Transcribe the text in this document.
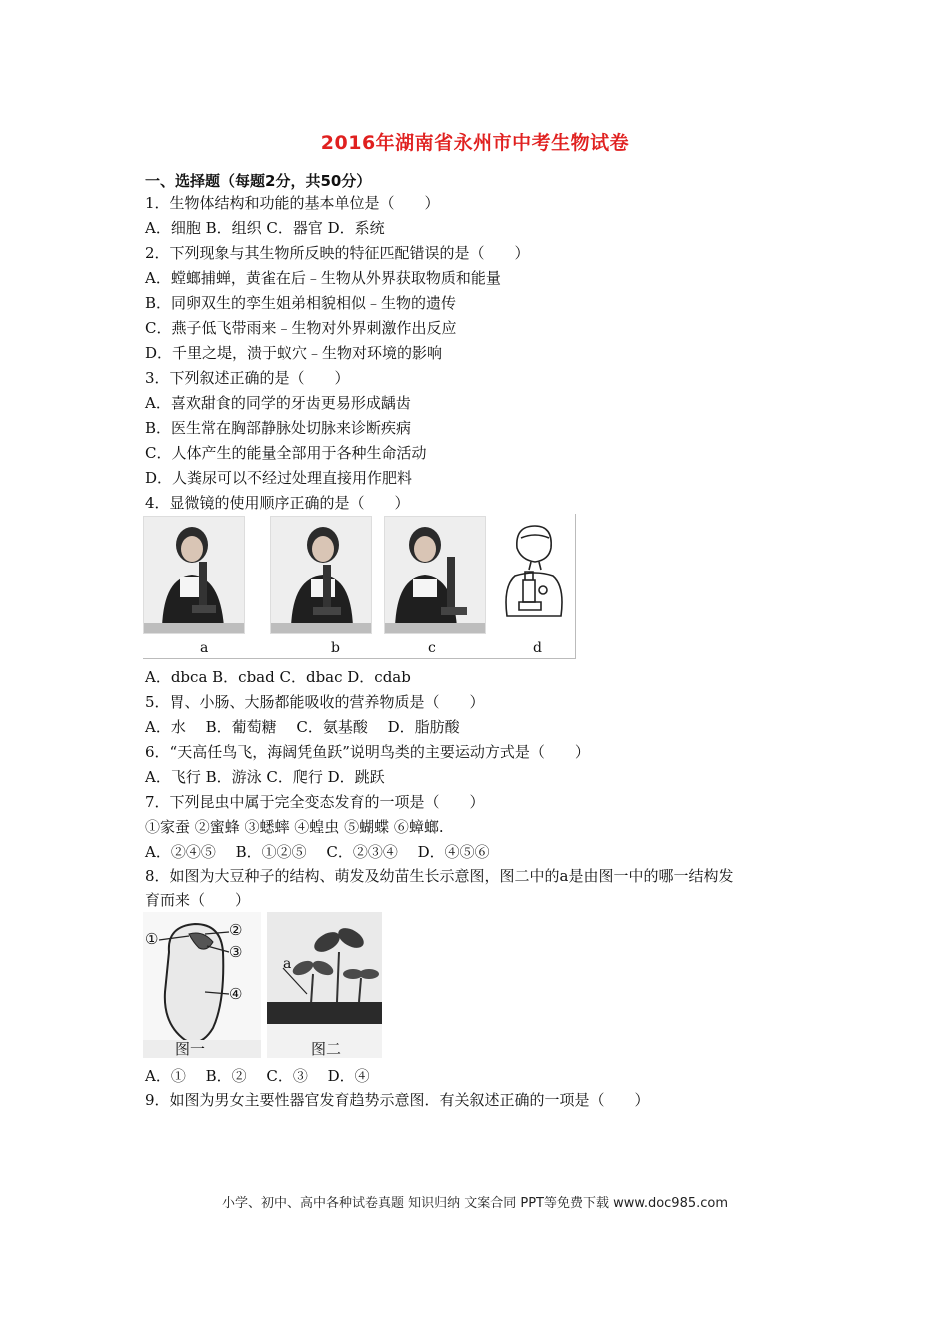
2016年湖南省永州市中考生物试卷
一、选择题（每题2分，共50分）
1．生物体结构和功能的基本单位是（　　）
A．细胞 B．组织 C．器官 D．系统
2．下列现象与其生物所反映的特征匹配错误的是（　　）
A．螳螂捕蝉，黄雀在后﹣生物从外界获取物质和能量
B．同卵双生的孪生姐弟相貌相似﹣生物的遗传
C．燕子低飞带雨来﹣生物对外界刺激作出反应
D．千里之堤，溃于蚁穴﹣生物对环境的影响
3．下列叙述正确的是（　　）
A．喜欢甜食的同学的牙齿更易形成龋齿
B．医生常在胸部静脉处切脉来诊断疾病
C．人体产生的能量全部用于各种生命活动
D．人粪尿可以不经过处理直接用作肥料
4．显微镜的使用顺序正确的是（　　）
a	b	c	d
A．dbca B．cbad C．dbac D．cdab
5．胃、小肠、大肠都能吸收的营养物质是（　　）
A．水　 B．葡萄糖　 C．氨基酸　 D．脂肪酸
6．“天高任鸟飞，海阔凭鱼跃”说明鸟类的主要运动方式是（　　）
A．飞行 B．游泳 C．爬行 D．跳跃
7．下列昆虫中属于完全变态发育的一项是（　　）
①家蚕 ②蜜蜂 ③蟋蟀 ④蝗虫 ⑤蝴蝶 ⑥蟑螂.
A．②④⑤　 B．①②⑤　 C．②③④　 D．④⑤⑥
8．如图为大豆种子的结构、萌发及幼苗生长示意图，图二中的a是由图一中的哪一结构发
育而来（　　）
①	②
③
④
图一
a
图二
A．①　 B．②　 C．③　 D．④
9．如图为男女主要性器官发育趋势示意图．有关叙述正确的一项是（　　）
小学、初中、高中各种试卷真题 知识归纳 文案合同 PPT等免费下载 www.doc985.com
